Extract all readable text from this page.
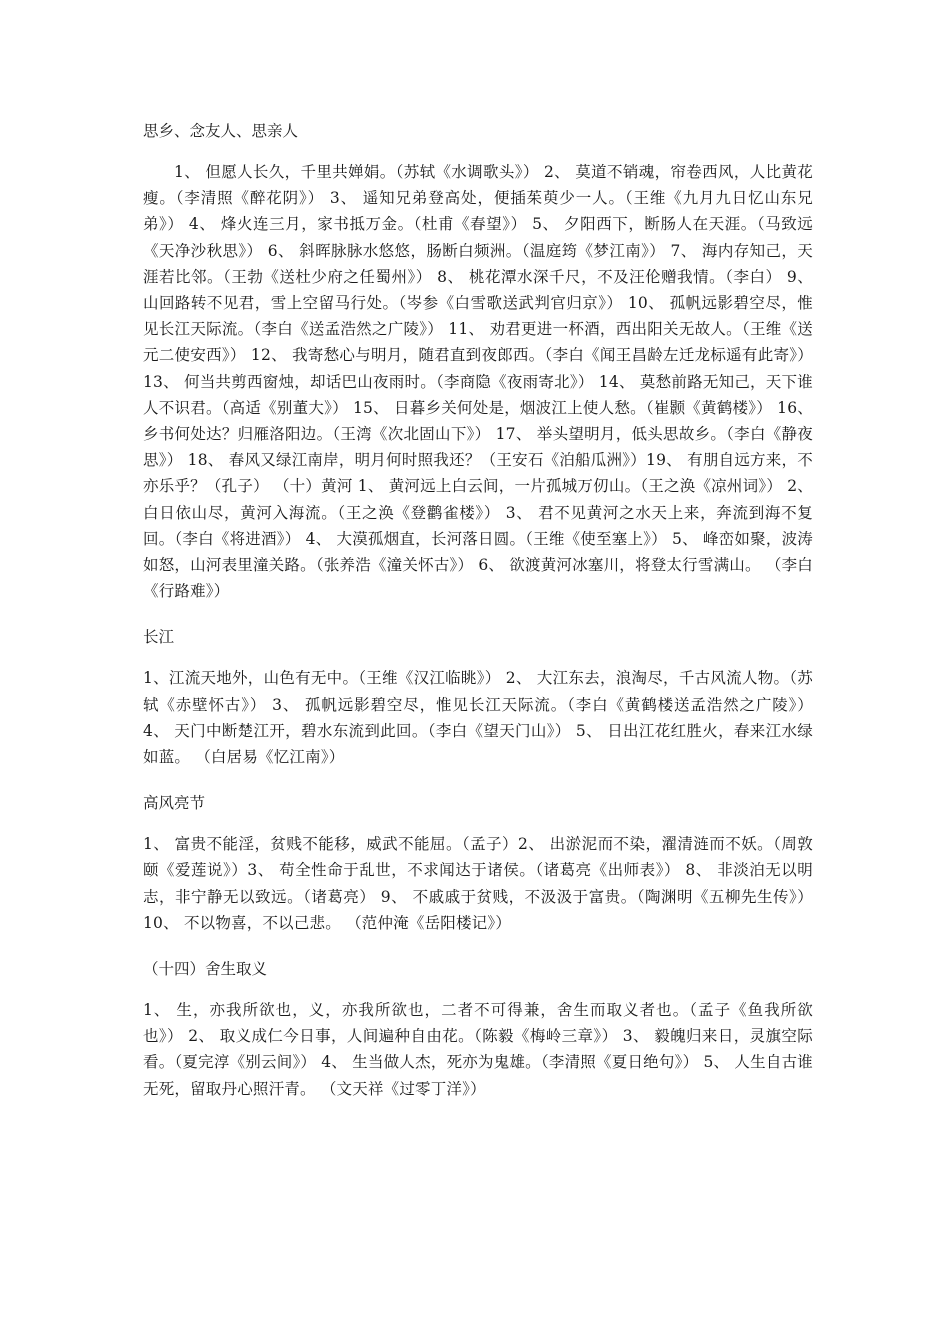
思乡、念友人、思亲人

1、 但愿人长久，千里共婵娟。（苏轼《水调歌头》） 2、 莫道不销魂，帘卷西风，人比黄花瘦。（李清照《醉花阴》） 3、 遥知兄弟登高处，便插茱萸少一人。（王维《九月九日忆山东兄弟》） 4、 烽火连三月，家书抵万金。（杜甫《春望》） 5、 夕阳西下，断肠人在天涯。（马致远《天净沙秋思》） 6、 斜晖脉脉水悠悠，肠断白频洲。（温庭筠《梦江南》） 7、 海内存知己，天涯若比邻。（王勃《送杜少府之任蜀州》） 8、 桃花潭水深千尺，不及汪伦赠我情。（李白） 9、 山回路转不见君，雪上空留马行处。（岑参《白雪歌送武判官归京》） 10、 孤帆远影碧空尽，惟见长江天际流。（李白《送孟浩然之广陵》） 11、 劝君更进一杯酒，西出阳关无故人。（王维《送元二使安西》） 12、 我寄愁心与明月，随君直到夜郎西。（李白《闻王昌龄左迁龙标遥有此寄》） 13、 何当共剪西窗烛，却话巴山夜雨时。（李商隐《夜雨寄北》） 14、 莫愁前路无知己，天下谁人不识君。（高适《别董大》） 15、 日暮乡关何处是，烟波江上使人愁。（崔颢《黄鹤楼》） 16、 乡书何处达？归雁洛阳边。（王湾《次北固山下》） 17、 举头望明月，低头思故乡。（李白《静夜思》） 18、 春风又绿江南岸，明月何时照我还？（王安石《泊船瓜洲》）19、 有朋自远方来，不亦乐乎？（孔子） （十）黄河 1、 黄河远上白云间，一片孤城万仞山。（王之涣《凉州词》） 2、 白日依山尽，黄河入海流。（王之涣《登鹳雀楼》） 3、 君不见黄河之水天上来，奔流到海不复回。（李白《将进酒》） 4、 大漠孤烟直，长河落日圆。（王维《使至塞上》） 5、 峰峦如聚，波涛如怒，山河表里潼关路。（张养浩《潼关怀古》） 6、 欲渡黄河冰塞川，将登太行雪满山。 （李白《行路难》）

长江

1、江流天地外，山色有无中。（王维《汉江临眺》） 2、 大江东去，浪淘尽，千古风流人物。（苏轼《赤壁怀古》） 3、 孤帆远影碧空尽，惟见长江天际流。（李白《黄鹤楼送孟浩然之广陵》） 4、 天门中断楚江开，碧水东流到此回。（李白《望天门山》） 5、 日出江花红胜火，春来江水绿如蓝。 （白居易《忆江南》）

高风亮节

1、 富贵不能淫，贫贱不能移，威武不能屈。（孟子）2、 出淤泥而不染，濯清涟而不妖。（周敦颐《爱莲说》）3、 苟全性命于乱世，不求闻达于诸侯。（诸葛亮《出师表》） 8、 非淡泊无以明志，非宁静无以致远。（诸葛亮） 9、 不戚戚于贫贱，不汲汲于富贵。（陶渊明《五柳先生传》） 10、 不以物喜，不以己悲。 （范仲淹《岳阳楼记》）

（十四）舍生取义

1、 生，亦我所欲也，义，亦我所欲也，二者不可得兼，舍生而取义者也。（孟子《鱼我所欲也》） 2、 取义成仁今日事，人间遍种自由花。（陈毅《梅岭三章》） 3、 毅魄归来日，灵旗空际看。（夏完淳《别云间》） 4、 生当做人杰，死亦为鬼雄。（李清照《夏日绝句》） 5、 人生自古谁无死，留取丹心照汗青。 （文天祥《过零丁洋》）
